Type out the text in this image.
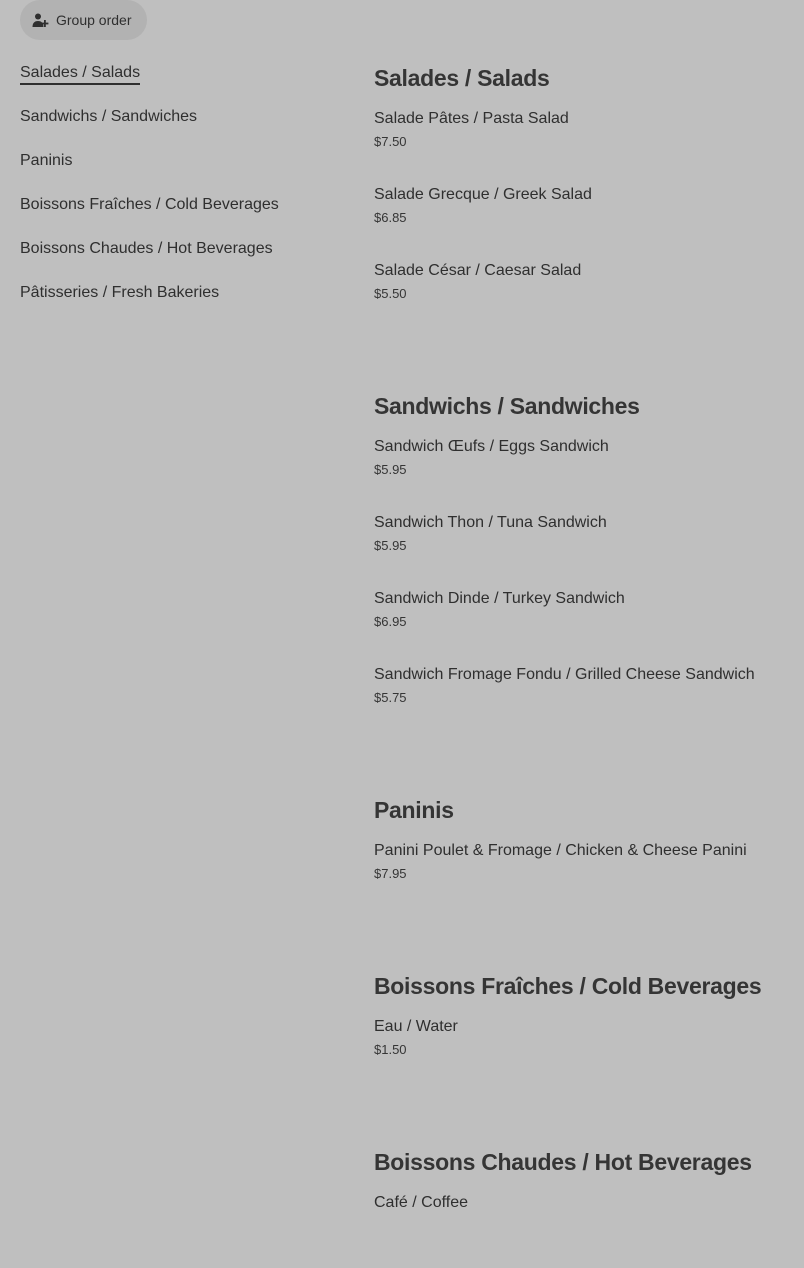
Group order
Salades / Salads
Sandwichs / Sandwiches
Paninis
Boissons Fraîches / Cold Beverages
Boissons Chaudes / Hot Beverages
Pâtisseries / Fresh Bakeries
Salades / Salads
Salade Pâtes / Pasta Salad
$7.50
Salade Grecque / Greek Salad
$6.85
Salade César / Caesar Salad
$5.50
Sandwichs / Sandwiches
Sandwich Œufs / Eggs Sandwich
$5.95
Sandwich Thon / Tuna Sandwich
$5.95
Sandwich Dinde / Turkey Sandwich
$6.95
Sandwich Fromage Fondu / Grilled Cheese Sandwich
$5.75
Paninis
Panini Poulet & Fromage / Chicken & Cheese Panini
$7.95
Boissons Fraîches / Cold Beverages
Eau / Water
$1.50
Boissons Chaudes / Hot Beverages
Café / Coffee
